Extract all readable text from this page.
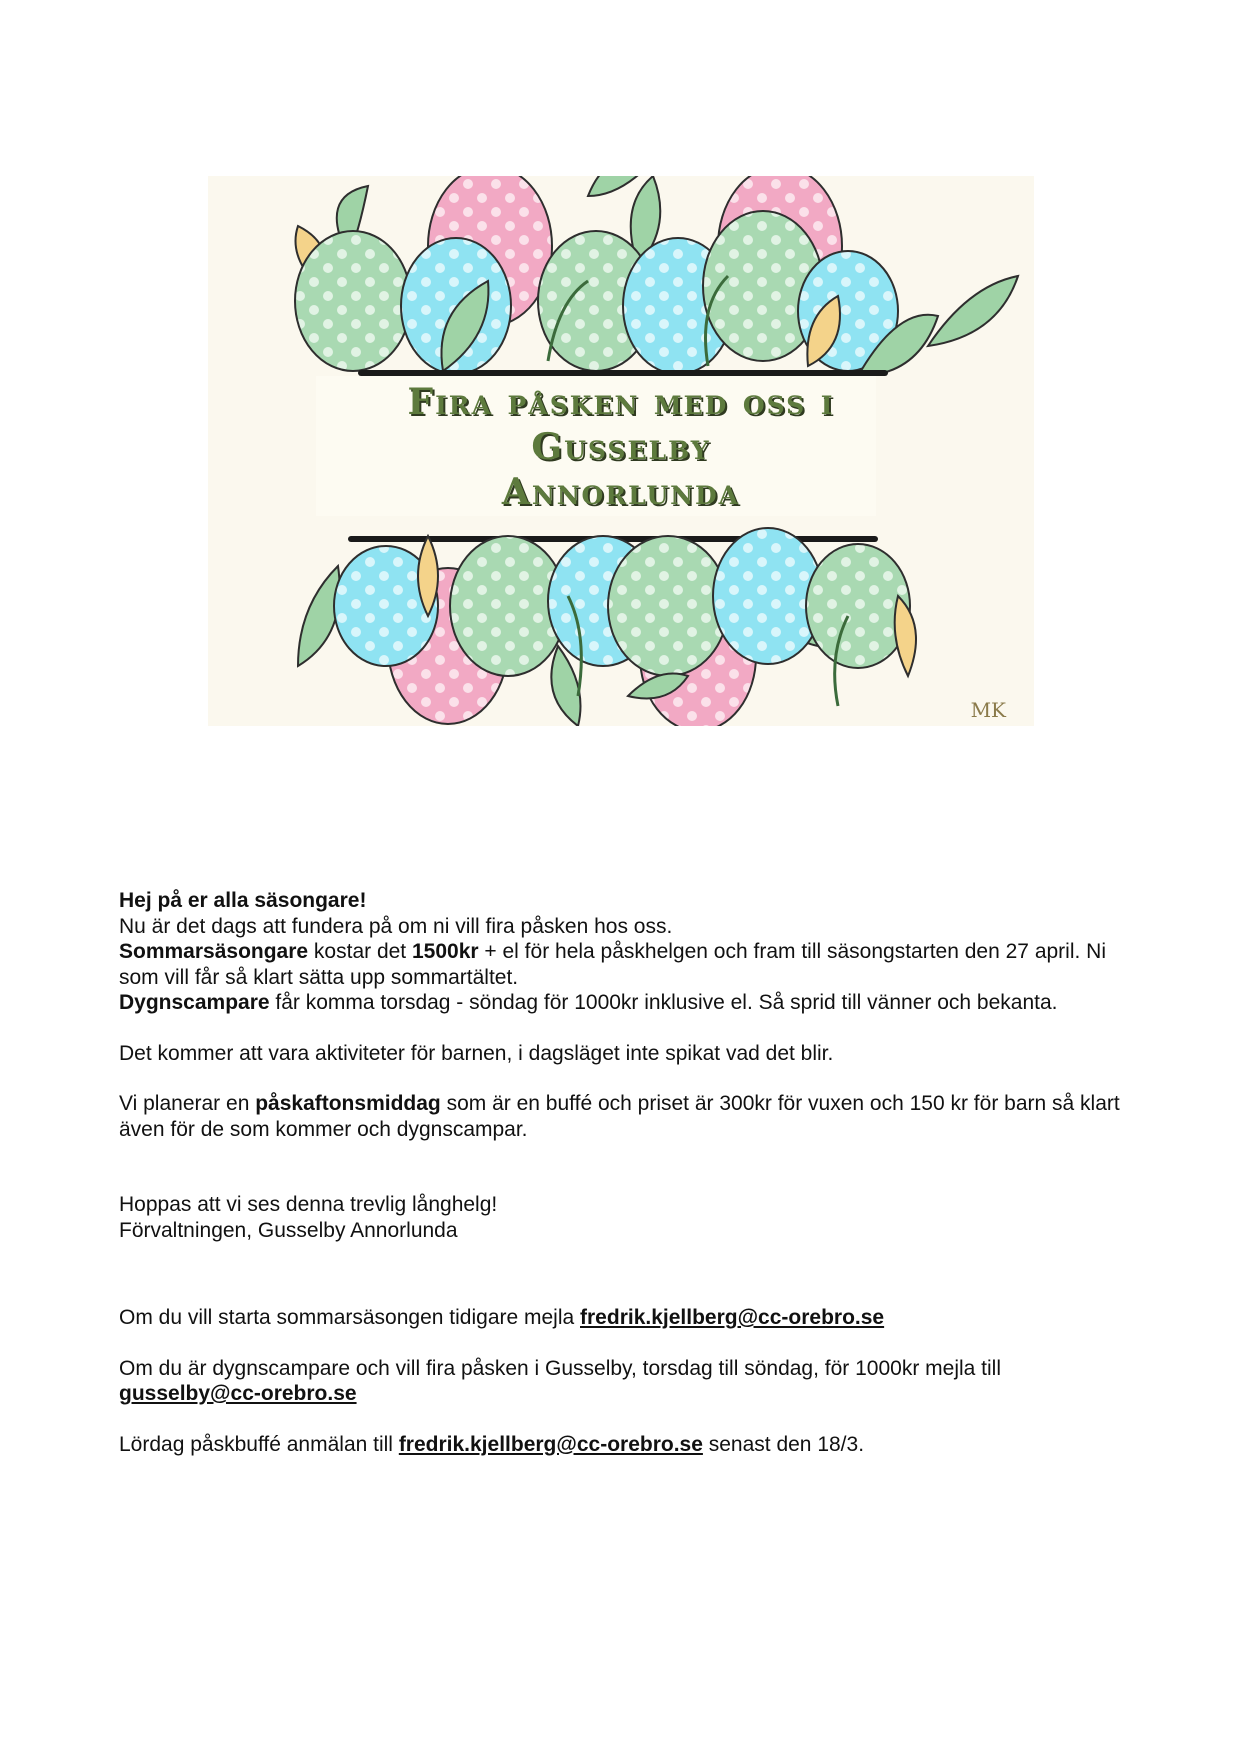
Fira påsken med oss i
Gusselby
Annorlunda
MK

Hej på er alla säsongare!

Nu är det dags att fundera på om ni vill fira påsken hos oss.

Sommarsäsongare kostar det 1500kr + el för hela påskhelgen och fram till säsongstarten den 27 april. Ni som vill får så klart sätta upp sommartältet.

Dygnscampare får komma torsdag - söndag för 1000kr inklusive el. Så sprid till vänner och bekanta.

Det kommer att vara aktiviteter för barnen, i dagsläget inte spikat vad det blir.

Vi planerar en påskaftonsmiddag som är en buffé och priset är 300kr för vuxen och 150 kr för barn så klart även för de som kommer och dygnscampar.

Hoppas att vi ses denna trevlig långhelg!

Förvaltningen, Gusselby Annorlunda

Om du vill starta sommarsäsongen tidigare mejla fredrik.kjellberg@cc-orebro.se

Om du är dygnscampare och vill fira påsken i Gusselby, torsdag till söndag, för 1000kr mejla till gusselby@cc-orebro.se

Lördag påskbuffé anmälan till fredrik.kjellberg@cc-orebro.se senast den 18/3.
